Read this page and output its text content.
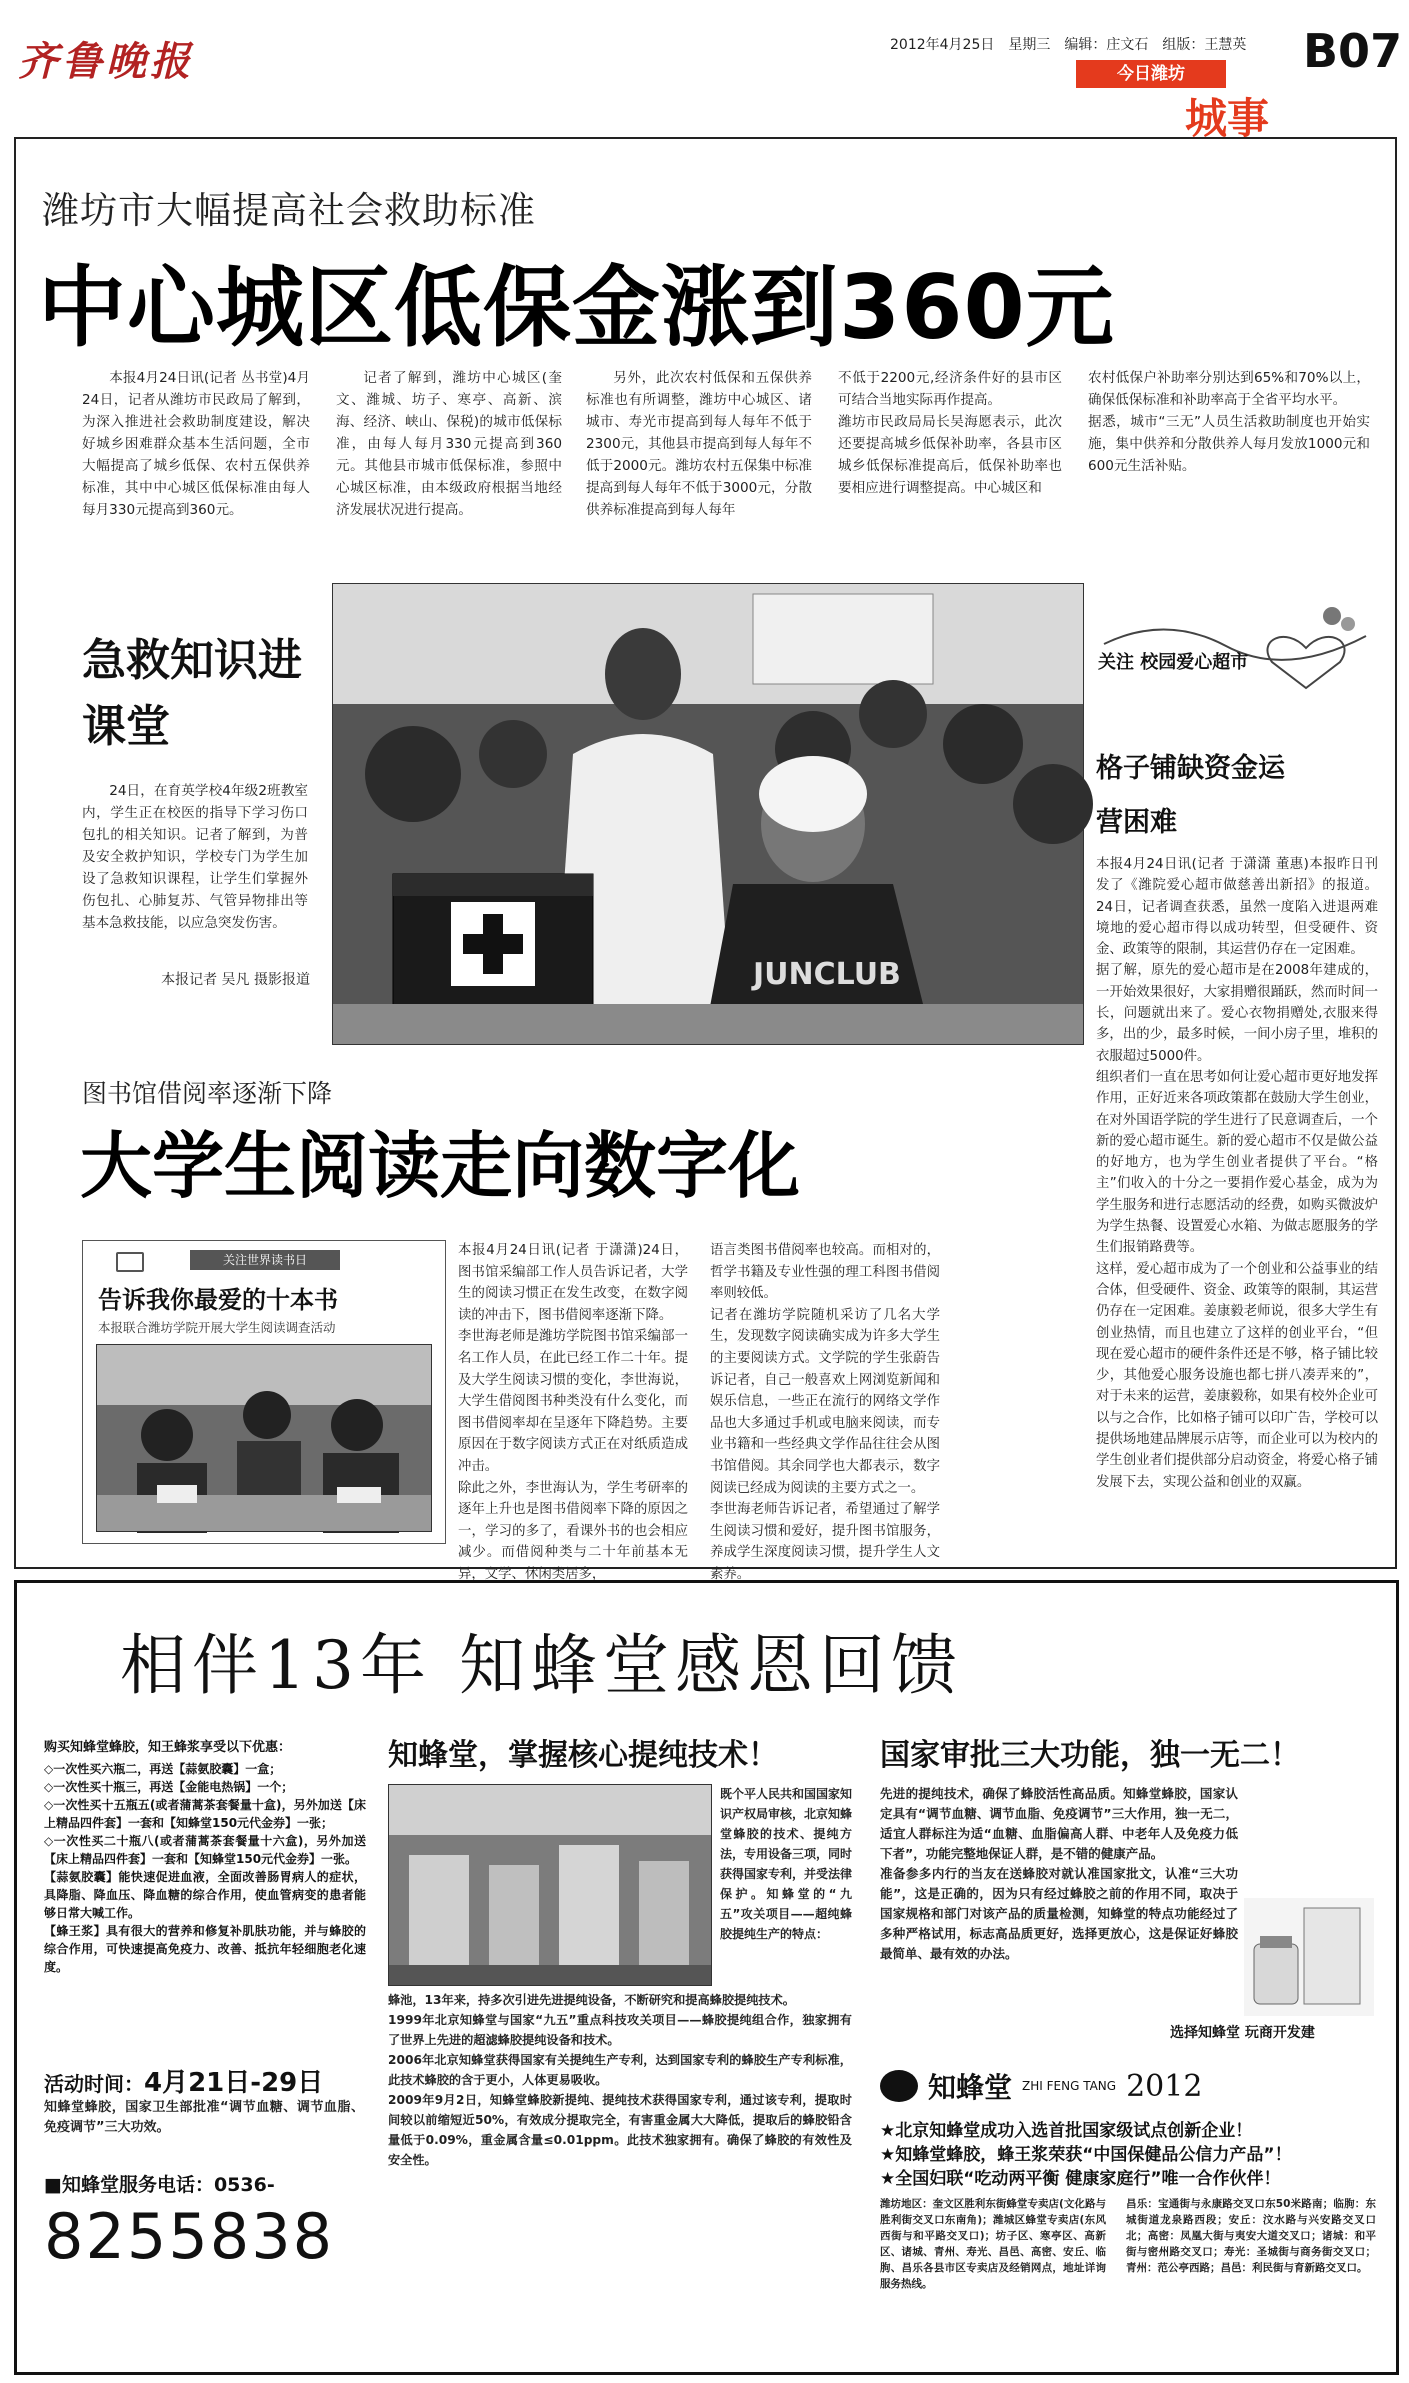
齐鲁晚报	2012年4月25日 星期三 编辑：庄文石 组版：王慧英 B07
今日潍坊
城事
潍坊市大幅提高社会救助标准
中心城区低保金涨到360元
本报4月24日讯(记者 丛书堂)4月24日，记者从潍坊市民政局了解到，为深入推进社会救助制度建设，解决好城乡困难群众基本生活问题，全市大幅提高了城乡低保、农村五保供养标准，其中中心城区低保标准由每人每月330元提高到360元。
记者了解到，潍坊中心城区(奎文、潍城、坊子、寒亭、高新、滨海、经济、峡山、保税)的城市低保标准，由每人每月330元提高到360元。其他县市城市低保标准，参照中心城区标准，由本级政府根据当地经济发展状况进行提高。
另外，此次农村低保和五保供养标准也有所调整，潍坊中心城区、诸城市、寿光市提高到每人每年不低于2300元，其他县市提高到每人每年不低于2000元。潍坊农村五保集中标准提高到每人每年不低于3000元，分散供养标准提高到每人每年
不低于2200元,经济条件好的县市区可结合当地实际再作提高。
潍坊市民政局局长吴海愿表示，此次还要提高城乡低保补助率，各县市区城乡低保标准提高后，低保补助率也要相应进行调整提高。中心城区和
农村低保户补助率分别达到65%和70%以上，确保低保标准和补助率高于全省平均水平。
据悉，城市“三无”人员生活救助制度也开始实施，集中供养和分散供养人每月发放1000元和600元生活补贴。
急救知识进课堂
24日，在育英学校4年级2班教室内，学生正在校医的指导下学习伤口包扎的相关知识。记者了解到，为普及安全救护知识，学校专门为学生加设了急救知识课程，让学生们掌握外伤包扎、心肺复苏、气管异物排出等基本急救技能，以应急突发伤害。
本报记者 吴凡 摄影报道	JUNCLUB
关注 校园爱心超市
格子铺缺资金运营困难
本报4月24日讯(记者 于潇潇 董惠)本报昨日刊发了《潍院爱心超市做慈善出新招》的报道。24日，记者调查获悉，虽然一度陷入进退两难境地的爱心超市得以成功转型，但受硬件、资金、政策等的限制，其运营仍存在一定困难。
据了解，原先的爱心超市是在2008年建成的，一开始效果很好，大家捐赠很踊跃，然而时间一长，问题就出来了。爱心衣物捐赠处,衣服来得多，出的少，最多时候，一间小房子里，堆积的衣服超过5000件。
组织者们一直在思考如何让爱心超市更好地发挥作用，正好近来各项政策都在鼓励大学生创业，在对外国语学院的学生进行了民意调查后，一个新的爱心超市诞生。新的爱心超市不仅是做公益的好地方，也为学生创业者提供了平台。“格主”们收入的十分之一要捐作爱心基金，成为为学生服务和进行志愿活动的经费，如购买微波炉为学生热餐、设置爱心水箱、为做志愿服务的学生们报销路费等。
这样，爱心超市成为了一个创业和公益事业的结合体，但受硬件、资金、政策等的限制，其运营仍存在一定困难。姜康毅老师说，很多大学生有创业热情，而且也建立了这样的创业平台，“但现在爱心超市的硬件条件还是不够，格子铺比较少，其他爱心服务设施也都七拼八凑弄来的”，对于未来的运营，姜康毅称，如果有校外企业可以与之合作，比如格子铺可以印广告，学校可以提供场地建品牌展示店等，而企业可以为校内的学生创业者们提供部分启动资金，将爱心格子铺发展下去，实现公益和创业的双赢。
图书馆借阅率逐渐下降
大学生阅读走向数字化
关注世界读书日
告诉我你最爱的十本书
本报联合潍坊学院开展大学生阅读调查活动
本报4月24日讯(记者 于潇潇)24日，图书馆采编部工作人员告诉记者，大学生的阅读习惯正在发生改变，在数字阅读的冲击下，图书借阅率逐渐下降。
李世海老师是潍坊学院图书馆采编部一名工作人员，在此已经工作二十年。提及大学生阅读习惯的变化，李世海说，大学生借阅图书种类没有什么变化，而图书借阅率却在呈逐年下降趋势。主要原因在于数字阅读方式正在对纸质造成冲击。
除此之外，李世海认为，学生考研率的逐年上升也是图书借阅率下降的原因之一，学习的多了，看课外书的也会相应减少。而借阅种类与二十年前基本无异，文学、休闲类居多，
语言类图书借阅率也较高。而相对的，哲学书籍及专业性强的理工科图书借阅率则较低。
记者在潍坊学院随机采访了几名大学生，发现数字阅读确实成为许多大学生的主要阅读方式。文学院的学生张蔚告诉记者，自己一般喜欢上网浏览新闻和娱乐信息，一些正在流行的网络文学作品也大多通过手机或电脑来阅读，而专业书籍和一些经典文学作品往往会从图书馆借阅。其余同学也大都表示，数字阅读已经成为阅读的主要方式之一。
李世海老师告诉记者，希望通过了解学生阅读习惯和爱好，提升图书馆服务，养成学生深度阅读习惯，提升学生人文素养。
相伴13年 知蜂堂感恩回馈
购买知蜂堂蜂胶，知王蜂浆享受以下优惠：
◇一次性买六瓶二，再送【蒜氨胶囊】一盒；
◇一次性买十瓶三，再送【金能电热锅】一个；
◇一次性买十五瓶五(或者蒲蒿茶套餐量十盒)，另外加送【床上精品四件套】一套和【知蜂堂150元代金券】一张；
◇一次性买二十瓶八(或者蒲蒿茶套餐量十六盒)，另外加送【床上精品四件套】一套和【知蜂堂150元代金券】一张。
【蒜氨胶囊】能快速促进血液，全面改善肠胃病人的症状，具降脂、降血压、降血糖的综合作用，使血管病变的患者能够日常大喊工作。
【蜂王浆】具有很大的营养和修复补肌肤功能，并与蜂胶的综合作用，可快速提高免疫力、改善、抵抗年轻细胞老化速度。
活动时间：4月21日-29日
知蜂堂蜂胶，国家卫生部批准“调节血糖、调节血脂、免疫调节”三大功效。
■知蜂堂服务电话：0536-
8255838
知蜂堂，掌握核心提纯技术！
既个平人民共和国国家知识产权局审核，北京知蜂堂蜂胶的技术、提纯方法，专用设备三项，同时获得国家专利，并受法律保护。知蜂堂的“九五”攻关项目——超纯蜂胶提纯生产的特点：
蜂池，13年来，持多次引进先进提纯设备，不断研究和提高蜂胶提纯技术。
1999年北京知蜂堂与国家“九五”重点科技攻关项目——蜂胶提纯组合作，独家拥有了世界上先进的超滤蜂胶提纯设备和技术。
2006年北京知蜂堂获得国家有关提纯生产专利，达到国家专利的蜂胶生产专利标准，此技术蜂胶的含于更小，人体更易吸收。
2009年9月2日，知蜂堂蜂胶新提纯、提纯技术获得国家专利，通过该专利，提取时间较以前缩短近50%，有效成分提取完全，有害重金属大大降低，提取后的蜂胶铅含量低于0.09%，重金属含量≤0.01ppm。此技术独家拥有。确保了蜂胶的有效性及安全性。
国家审批三大功能，独一无二！
先进的提纯技术，确保了蜂胶活性高品质。知蜂堂蜂胶，国家认定具有“调节血糖、调节血脂、免疫调节”三大作用，独一无二，适宜人群标注为适“血糖、血脂偏高人群、中老年人及免疫力低下者”，功能完整地保证人群，是不错的健康产品。
准备参多内行的当友在送蜂胶对就认准国家批文，认准“三大功能”，这是正确的，因为只有经过蜂胶之前的作用不同，取决于国家规格和部门对该产品的质量检测，知蜂堂的特点功能经过了多种严格试用，标志高品质更好，选择更放心，这是保证好蜂胶最简单、最有效的办法。
选择知蜂堂 玩商开发建
知蜂堂 ZHI FENG TANG 2012
★北京知蜂堂成功入选首批国家级试点创新企业！
★知蜂堂蜂胶，蜂王浆荣获“中国保健品公信力产品”！
★全国妇联“吃动两平衡 健康家庭行”唯一合作伙伴！
潍坊地区：奎文区胜利东街蜂堂专卖店(文化路与胜利街交叉口东南角)；潍城区蜂堂专卖店(东风西街与和平路交叉口)；坊子区、寒亭区、高新区、诸城、青州、寿光、昌邑、高密、安丘、临朐、昌乐各县市区专卖店及经销网点，地址详询服务热线。
昌乐：宝通街与永康路交叉口东50米路南；临朐：东城街道龙泉路西段；安丘：汶水路与兴安路交叉口北；高密：凤凰大街与夷安大道交叉口；诸城：和平街与密州路交叉口；寿光：圣城街与商务街交叉口；青州：范公亭西路；昌邑：利民街与育新路交叉口。
